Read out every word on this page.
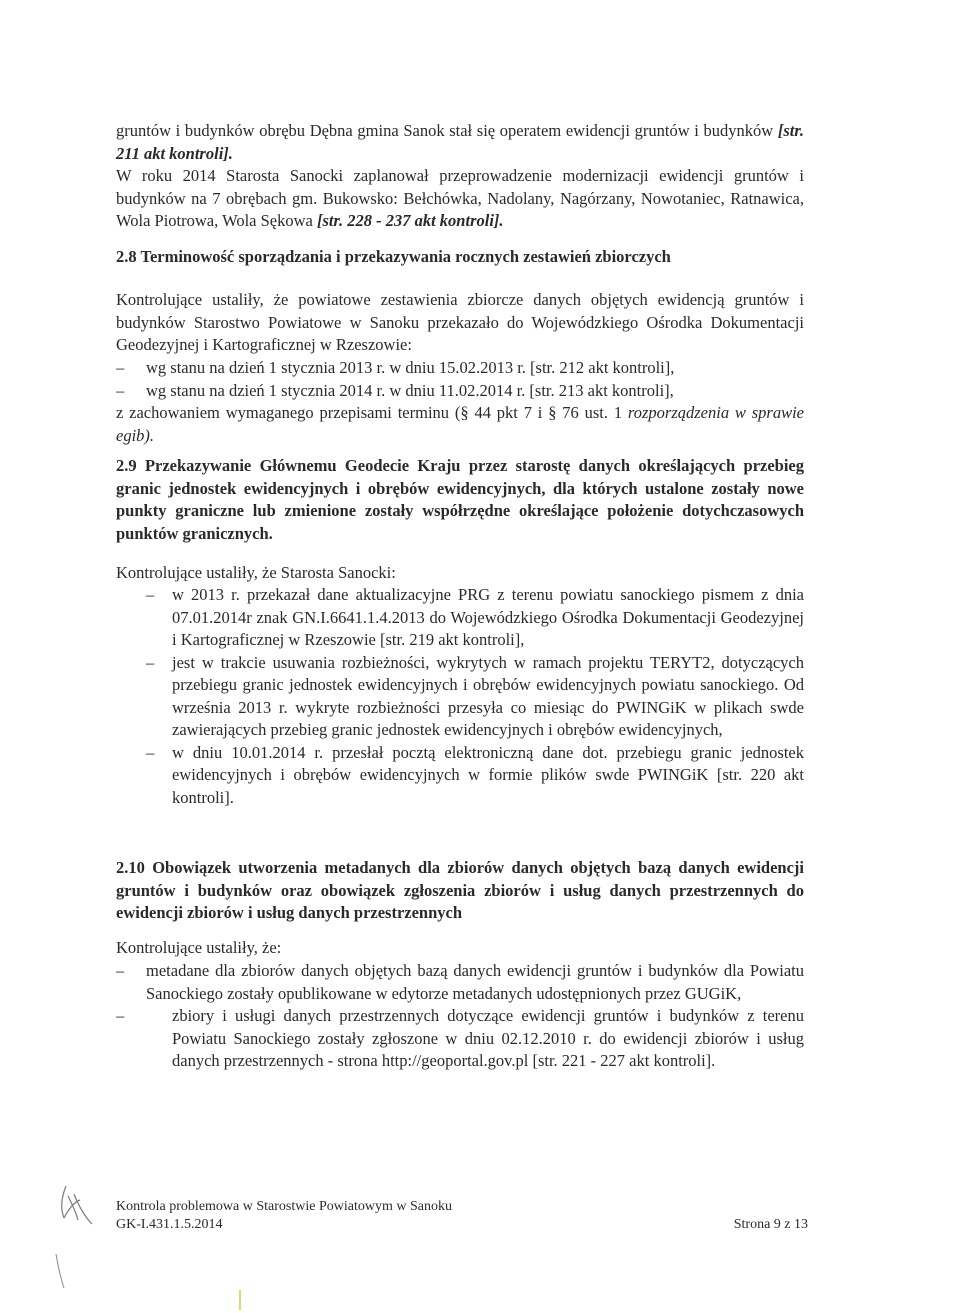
gruntów i budynków obrębu Dębna gmina Sanok stał się operatem ewidencji gruntów i budynków [str. 211 akt kontroli].

W roku 2014 Starosta Sanocki zaplanował przeprowadzenie modernizacji ewidencji gruntów i budynków na 7 obrębach gm. Bukowsko: Bełchówka, Nadolany, Nagórzany, Nowotaniec, Ratnawica, Wola Piotrowa, Wola Sękowa [str. 228 - 237 akt kontroli].

2.8 Terminowość sporządzania i przekazywania rocznych zestawień zbiorczych

Kontrolujące ustaliły, że powiatowe zestawienia zbiorcze danych objętych ewidencją gruntów i budynków Starostwo Powiatowe w Sanoku przekazało do Wojewódzkiego Ośrodka Dokumentacji Geodezyjnej i Kartograficznej w Rzeszowie:

– wg stanu na dzień 1 stycznia 2013 r. w dniu 15.02.2013 r. [str. 212 akt kontroli],
– wg stanu na dzień 1 stycznia 2014 r. w dniu 11.02.2014 r. [str. 213 akt kontroli],

z zachowaniem wymaganego przepisami terminu (§ 44 pkt 7 i § 76 ust. 1 rozporządzenia w sprawie egib).

2.9 Przekazywanie Głównemu Geodecie Kraju przez starostę danych określających przebieg granic jednostek ewidencyjnych i obrębów ewidencyjnych, dla których ustalone zostały nowe punkty graniczne lub zmienione zostały współrzędne określające położenie dotychczasowych punktów granicznych.

Kontrolujące ustaliły, że Starosta Sanocki:

– w 2013 r. przekazał dane aktualizacyjne PRG z terenu powiatu sanockiego pismem z dnia 07.01.2014r znak GN.I.6641.1.4.2013 do Wojewódzkiego Ośrodka Dokumentacji Geodezyjnej i Kartograficznej w Rzeszowie [str. 219 akt kontroli],
– jest w trakcie usuwania rozbieżności, wykrytych w ramach projektu TERYT2, dotyczących przebiegu granic jednostek ewidencyjnych i obrębów ewidencyjnych powiatu sanockiego. Od września 2013 r. wykryte rozbieżności przesyła co miesiąc do PWINGiK w plikach swde zawierających przebieg granic jednostek ewidencyjnych i obrębów ewidencyjnych,
– w dniu 10.01.2014 r. przesłał pocztą elektroniczną dane dot. przebiegu granic jednostek ewidencyjnych i obrębów ewidencyjnych w formie plików swde PWINGiK [str. 220 akt kontroli].

2.10 Obowiązek utworzenia metadanych dla zbiorów danych objętych bazą danych ewidencji gruntów i budynków oraz obowiązek zgłoszenia zbiorów i usług danych przestrzennych do ewidencji zbiorów i usług danych przestrzennych

Kontrolujące ustaliły, że:

– metadane dla zbiorów danych objętych bazą danych ewidencji gruntów i budynków dla Powiatu Sanockiego zostały opublikowane w edytorze metadanych udostępnionych przez GUGiK,
–	zbiory i usługi danych przestrzennych dotyczące ewidencji gruntów i budynków z terenu Powiatu Sanockiego zostały zgłoszone w dniu 02.12.2010 r. do ewidencji zbiorów i usług danych przestrzennych - strona http://geoportal.gov.pl [str. 221 - 227 akt kontroli].
Kontrola problemowa w Starostwie Powiatowym w Sanoku
GK-I.431.1.5.2014	Strona 9 z 13
